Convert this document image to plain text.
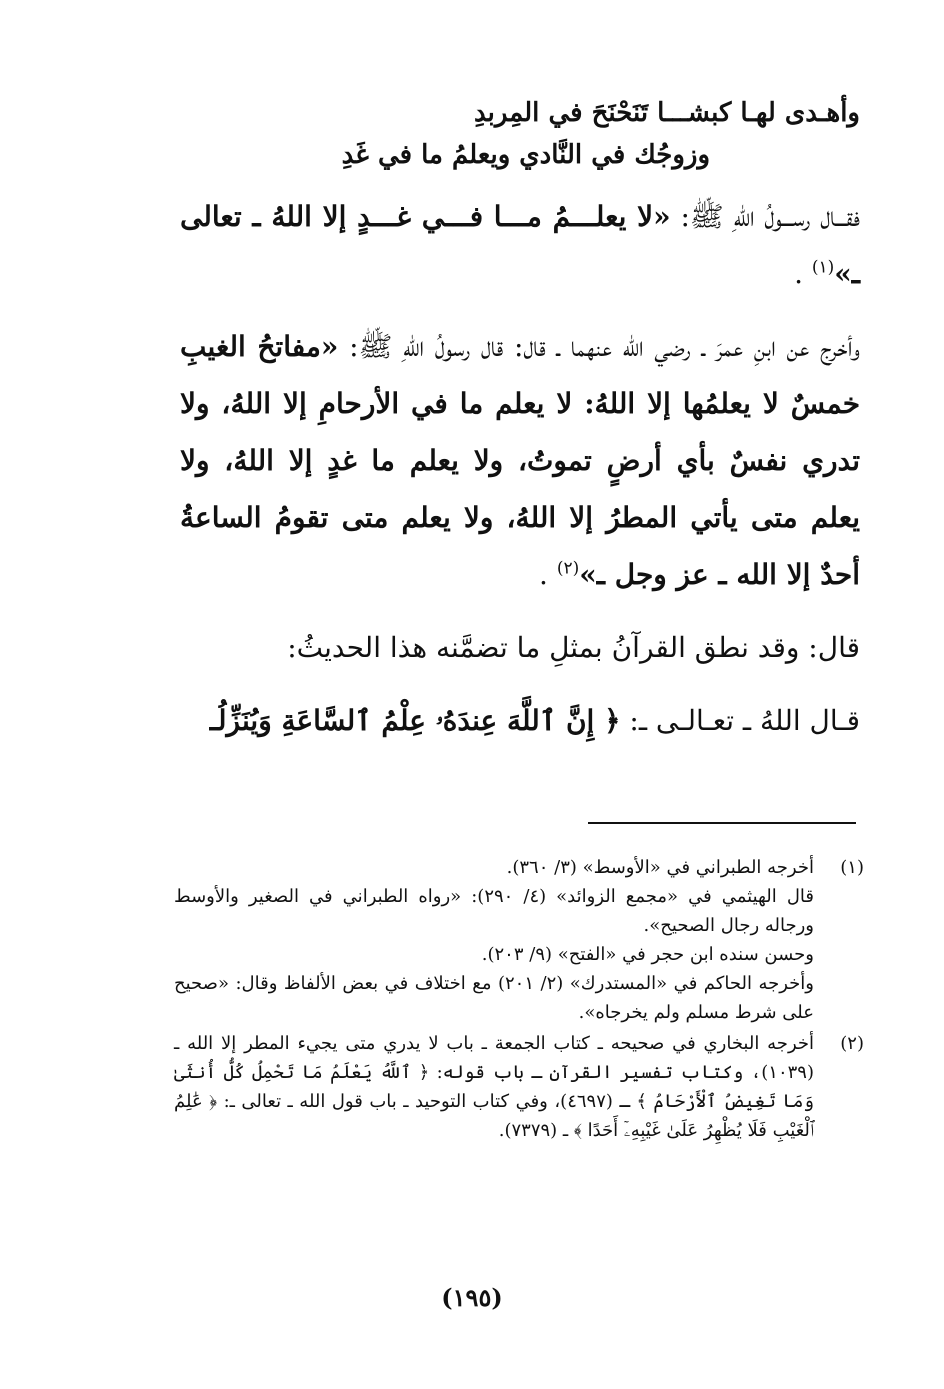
وأهـدى لهـا كبشـــا تَنَحْنَحَ في المِربدِ

وزوجُك في النَّادي ويعلمُ ما في غَدِ

فقـــال رســـولُ اللهِ ﷺ: «لا يعلـــمُ مـــا فـــي غـــدٍ إلا اللهُ ـ تعالى ـ»$^{(١)}$ .

وأخرج عن ابنِ عمرَ ـ رضي الله عنهما ـ قال: قال رسولُ اللهِ ﷺ: «مفاتحُ الغيبِ خمسٌ لا يعلمُها إلا اللهُ: لا يعلم ما في الأرحامِ إلا اللهُ، ولا تدري نفسٌ بأي أرضٍ تموتُ، ولا يعلم ما غدٍ إلا اللهُ، ولا يعلم متى يأتي المطرُ إلا اللهُ، ولا يعلم متى تقومُ الساعةُ أحدٌ إلا الله ـ عز وجل ـ»$^{(٢)}$ .

قال: وقد نطق القرآنُ بمثلِ ما تضمَّنه هذا الحديثُ:

قـال اللهُ ـ تعـالـى ـ: ﴿ إِنَّ ٱللَّهَ عِندَهُۥ عِلْمُ ٱلسَّاعَةِ وَيُنَزِّلُـ

(١)

أخرجه الطبراني في «الأوسط» (٣/ ٣٦٠).

قال الهيثمي في «مجمع الزوائد» (٤/ ٢٩٠): «رواه الطبراني في الصغير والأوسط ورجاله رجال الصحيح».

وحسن سنده ابن حجر في «الفتح» (٩/ ٢٠٣).

وأخرجه الحاكم في «المستدرك» (٢/ ٢٠١) مع اختلاف في بعض الألفاظ وقال: «صحيح على شرط مسلم ولم يخرجاه».

(٢)

أخرجه البخاري في صحيحه ـ كتاب الجمعة ـ باب لا يدري متى يجيء المطر إلا الله ـ (١٠٣٩)، وكتاب تفسير القرآن ـ باب قوله: ﴿ ٱللَّهُ يَعْلَمُ مَا تَحْمِلُ كُلُّ أُنثَىٰ وَمَا تَغِيضُ ٱلْأَرْحَامُ ﴾ ـ (٤٦٩٧)، وفي كتاب التوحيد ـ باب قول الله ـ تعالى ـ: ﴿ عَٰلِمُ ٱلْغَيْبِ فَلَا يُظْهِرُ عَلَىٰ غَيْبِهِۦٓ أَحَدًا ﴾ ـ (٧٣٧٩).

(١٩٥)
